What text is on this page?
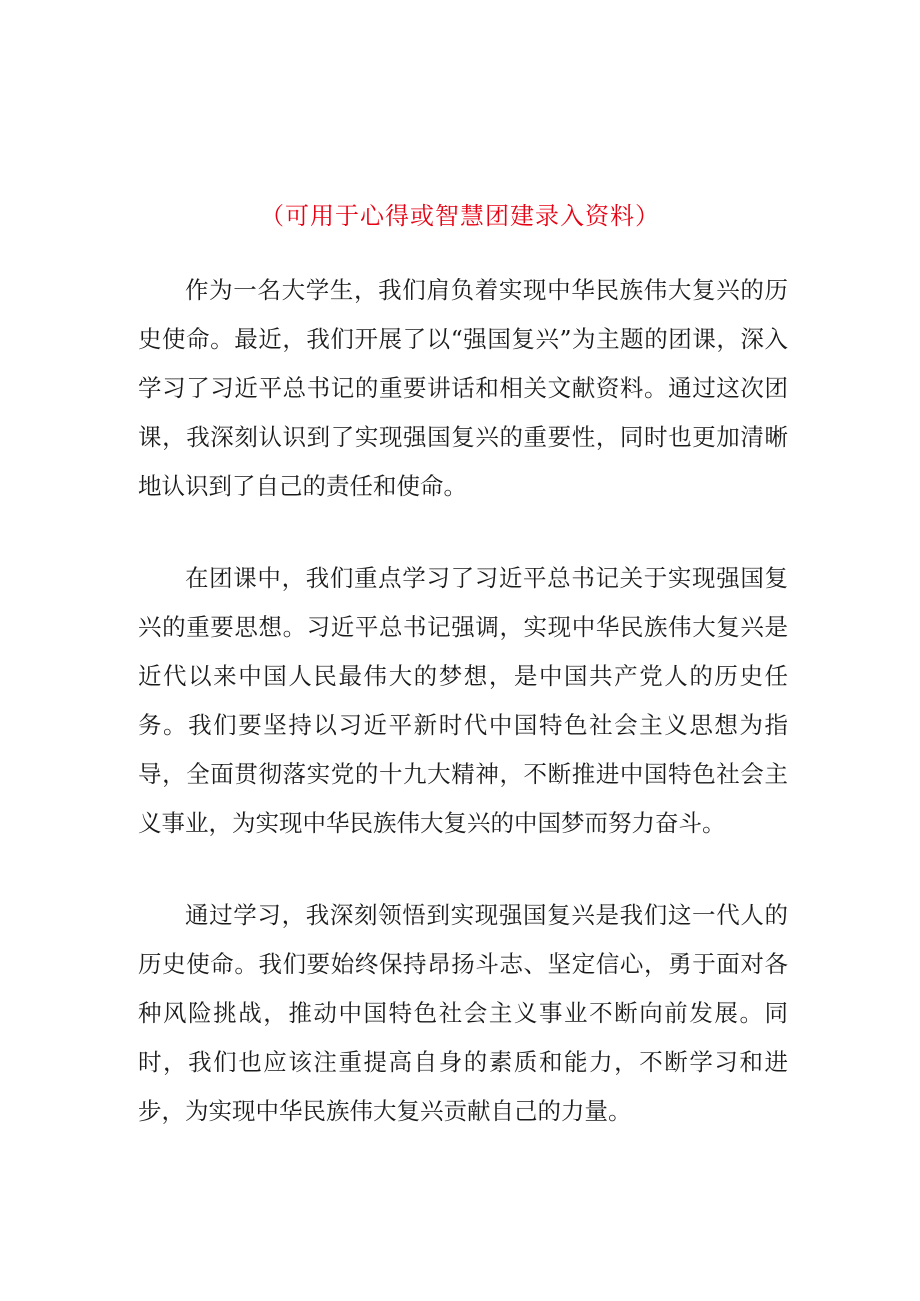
（可用于心得或智慧团建录入资料）

作为一名大学生，我们肩负着实现中华民族伟大复兴的历史使命。最近，我们开展了以“强国复兴”为主题的团课，深入学习了习近平总书记的重要讲话和相关文献资料。通过这次团课，我深刻认识到了实现强国复兴的重要性，同时也更加清晰地认识到了自己的责任和使命。

在团课中，我们重点学习了习近平总书记关于实现强国复兴的重要思想。习近平总书记强调，实现中华民族伟大复兴是近代以来中国人民最伟大的梦想，是中国共产党人的历史任务。我们要坚持以习近平新时代中国特色社会主义思想为指导，全面贯彻落实党的十九大精神，不断推进中国特色社会主义事业，为实现中华民族伟大复兴的中国梦而努力奋斗。

通过学习，我深刻领悟到实现强国复兴是我们这一代人的历史使命。我们要始终保持昂扬斗志、坚定信心，勇于面对各种风险挑战，推动中国特色社会主义事业不断向前发展。同时，我们也应该注重提高自身的素质和能力，不断学习和进步，为实现中华民族伟大复兴贡献自己的力量。
